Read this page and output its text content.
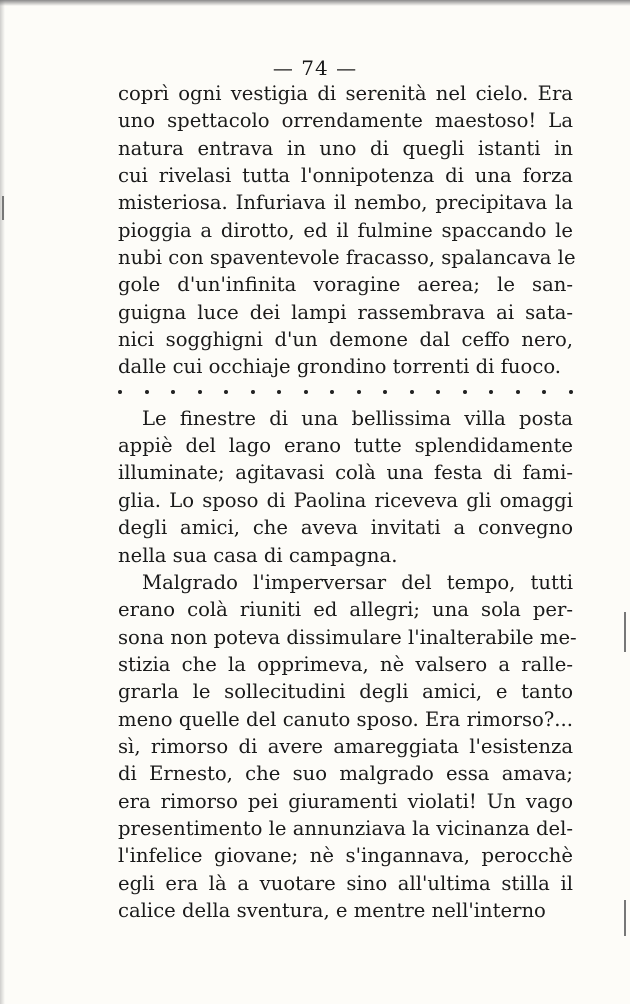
— 74 —
coprì ogni vestigia di serenità nel cielo. Era
uno spettacolo orrendamente maestoso! La
natura entrava in uno di quegli istanti in
cui rivelasi tutta l'onnipotenza di una forza
misteriosa. Infuriava il nembo, precipitava la
pioggia a dirotto, ed il fulmine spaccando le
nubi con spaventevole fracasso, spalancava le
gole d'un'infinita voragine aerea; le san-
guigna luce dei lampi rassembrava ai sata-
nici sogghigni d'un demone dal ceffo nero,
dalle cui occhiaje grondino torrenti di fuoco.
Le finestre di una bellissima villa posta
appiè del lago erano tutte splendidamente
illuminate; agitavasi colà una festa di fami-
glia. Lo sposo di Paolina riceveva gli omaggi
degli amici, che aveva invitati a convegno
nella sua casa di campagna.
Malgrado l'imperversar del tempo, tutti
erano colà riuniti ed allegri; una sola per-
sona non poteva dissimulare l'inalterabile me-
stizia che la opprimeva, nè valsero a ralle-
grarla le sollecitudini degli amici, e tanto
meno quelle del canuto sposo. Era rimorso?...
sì, rimorso di avere amareggiata l'esistenza
di Ernesto, che suo malgrado essa amava;
era rimorso pei giuramenti violati! Un vago
presentimento le annunziava la vicinanza del-
l'infelice giovane; nè s'ingannava, perocchè
egli era là a vuotare sino all'ultima stilla il
calice della sventura, e mentre nell'interno
